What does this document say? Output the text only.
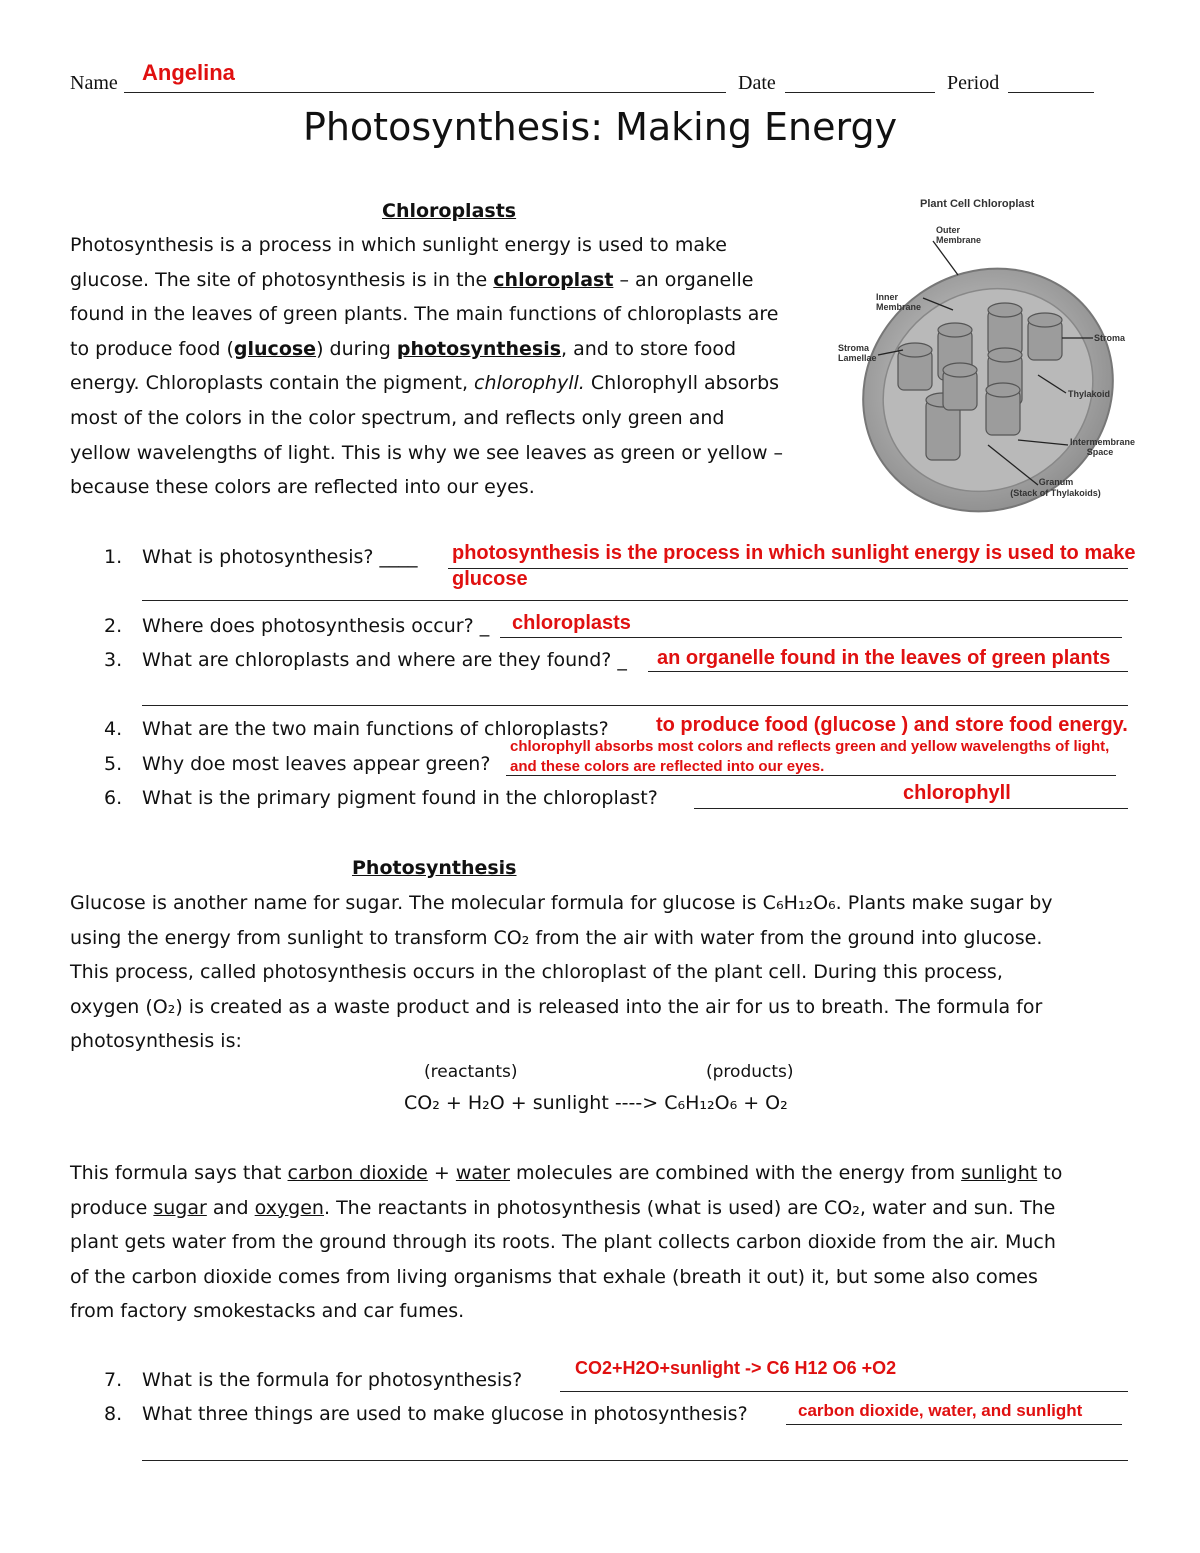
Name Angelina	Date	Period
Photosynthesis: Making Energy
Chloroplasts
Photosynthesis is a process in which sunlight energy is used to make
glucose. The site of photosynthesis is in the chloroplast – an organelle
found in the leaves of green plants. The main functions of chloroplasts are
to produce food (glucose) during photosynthesis, and to store food
energy. Chloroplasts contain the pigment, chlorophyll. Chlorophyll absorbs
most of the colors in the color spectrum, and reflects only green and
yellow wavelengths of light. This is why we see leaves as green or yellow –
because these colors are reflected into our eyes.
Plant Cell Chloroplast
Outer Membrane
Inner Membrane
Stroma Lamellae
Stroma
Thylakoid
Intermembrane Space
Granum
(Stack of Thylakoids)
1. What is photosynthesis? ____ photosynthesis is the process in which sunlight energy is used to make
glucose
2. Where does photosynthesis occur? _ chloroplasts
3. What are chloroplasts and where are they found? _ an organelle found in the leaves of green plants
4. What are the two main functions of chloroplasts? to produce food (glucose ) and store food energy.
5. Why doe most leaves appear green?
chlorophyll absorbs most colors and reflects green and yellow wavelengths of light,
and these colors are reflected into our eyes.
6. What is the primary pigment found in the chloroplast?	chlorophyll
Photosynthesis
Glucose is another name for sugar. The molecular formula for glucose is C₆H₁₂O₆. Plants make sugar by
using the energy from sunlight to transform CO₂ from the air with water from the ground into glucose.
This process, called photosynthesis occurs in the chloroplast of the plant cell. During this process,
oxygen (O₂) is created as a waste product and is released into the air for us to breath. The formula for
photosynthesis is:
(reactants)	(products)
CO₂ + H₂O + sunlight ----> C₆H₁₂O₆ + O₂
This formula says that carbon dioxide + water molecules are combined with the energy from sunlight to
produce sugar and oxygen. The reactants in photosynthesis (what is used) are CO₂, water and sun. The
plant gets water from the ground through its roots. The plant collects carbon dioxide from the air. Much
of the carbon dioxide comes from living organisms that exhale (breath it out) it, but some also comes
from factory smokestacks and car fumes.
7. What is the formula for photosynthesis?
CO2+H2O+sunlight -> C6 H12 O6 +O2
8. What three things are used to make glucose in photosynthesis?	carbon dioxide, water, and sunlight
